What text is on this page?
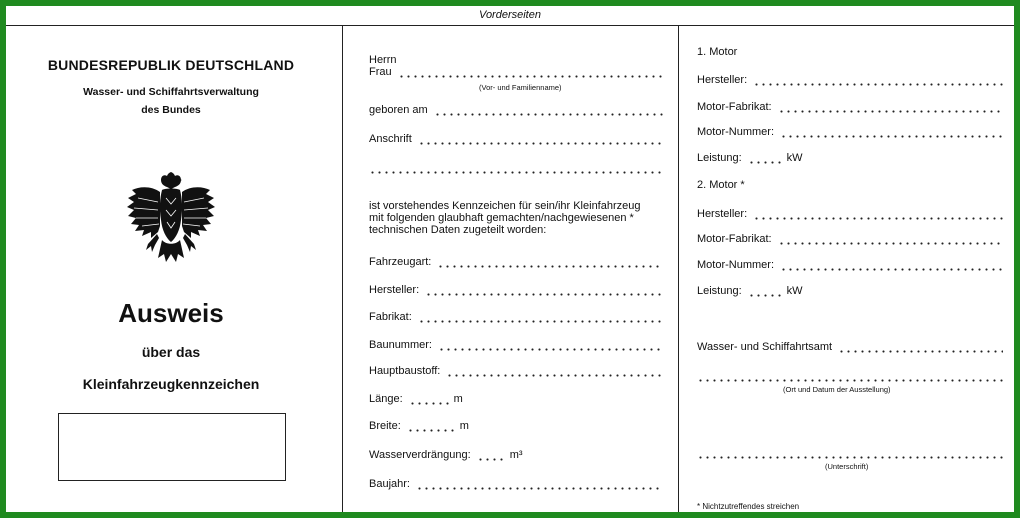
Vorderseiten
BUNDESREPUBLIK DEUTSCHLAND
Wasser- und Schiffahrtsverwaltung
des Bundes
Ausweis
über das
Kleinfahrzeugkennzeichen
Herrn
Frau
(Vor- und Familienname)
geboren am
Anschrift
ist vorstehendes Kennzeichen für sein/ihr Kleinfahrzeug
mit folgenden glaubhaft gemachten/nachgewiesenen *
technischen Daten zugeteilt worden:
Fahrzeugart:
Hersteller:
Fabrikat:
Baunummer:
Hauptbaustoff:
Länge:	m
Breite:	m
Wasserverdrängung:	m³
Baujahr:
1. Motor
Hersteller:
Motor-Fabrikat:
Motor-Nummer:
Leistung:	kW
2. Motor *
Hersteller:
Motor-Fabrikat:
Motor-Nummer:
Leistung:	kW
Wasser- und Schiffahrtsamt
(Ort und Datum der Ausstellung)
(Unterschrift)
* Nichtzutreffendes streichen
